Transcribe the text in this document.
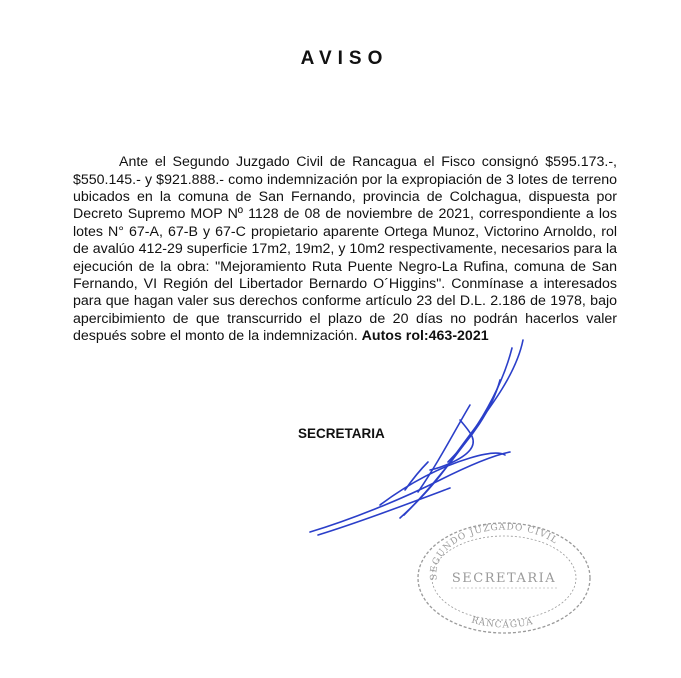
AVISO

Ante el Segundo Juzgado Civil de Rancagua el Fisco consignó $595.173.-, $550.145.- y $921.888.- como indemnización por la expropiación de 3 lotes de terreno ubicados en la comuna de San Fernando, provincia de Colchagua, dispuesta por Decreto Supremo MOP Nº 1128 de 08 de noviembre de 2021, correspondiente a los lotes N° 67-A, 67-B y 67-C propietario aparente Ortega Munoz, Victorino Arnoldo, rol de avalúo 412-29 superficie 17m2, 19m2, y 10m2 respectivamente, necesarios para la ejecución de la obra: "Mejoramiento Ruta Puente Negro-La Rufina, comuna de San Fernando, VI Región del Libertador Bernardo O´Higgins". Conmínase a interesados para que hagan valer sus derechos conforme artículo 23 del D.L. 2.186 de 1978, bajo apercibimiento de que transcurrido el plazo de 20 días no podrán hacerlos valer después sobre el monto de la indemnización. Autos rol:463-2021

SECRETARIA
SEGUNDO JUZGADO CIVIL
SECRETARIA
RANCAGUA
